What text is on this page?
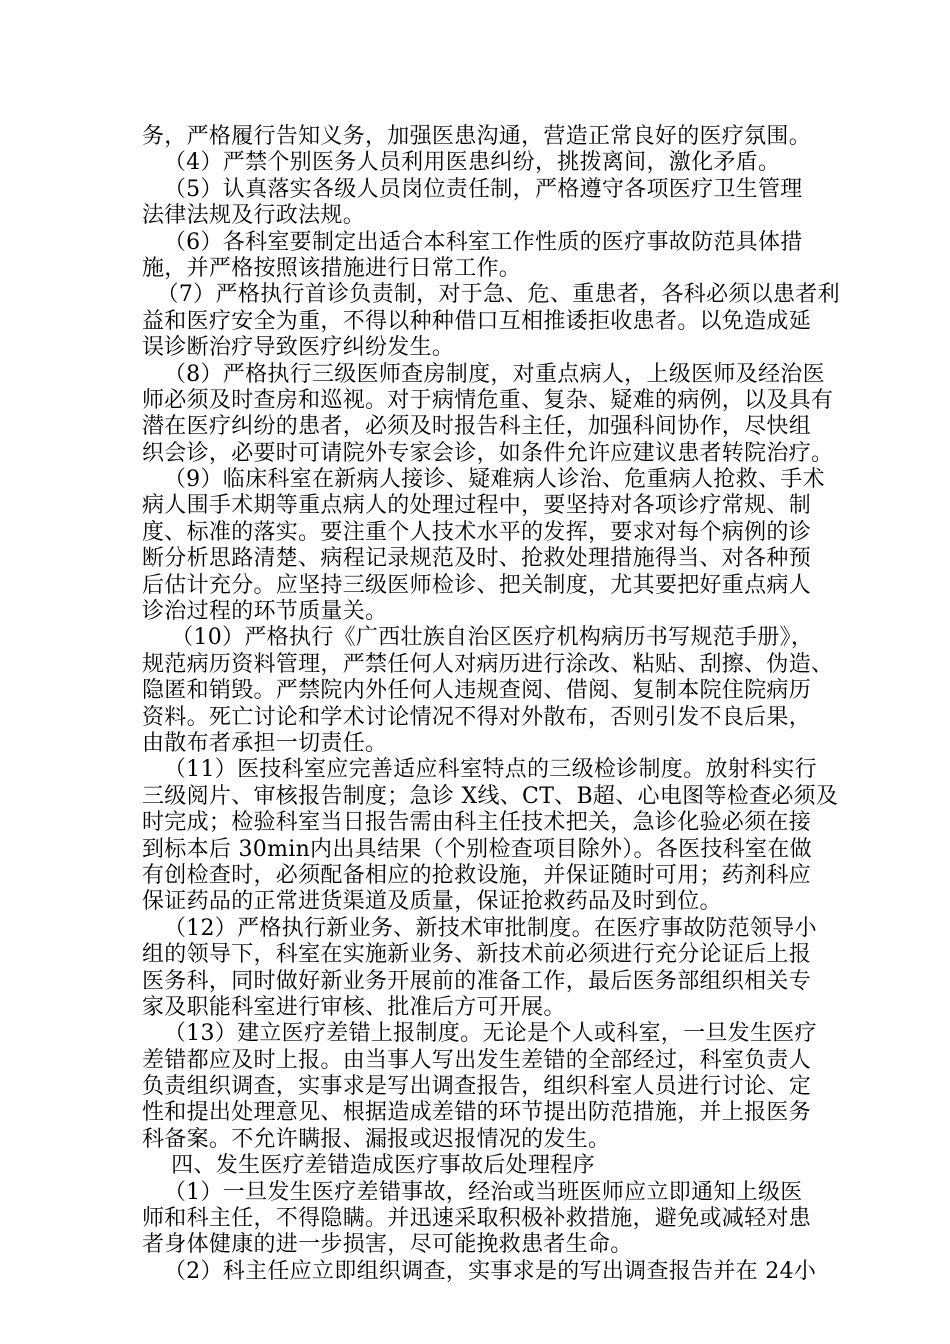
务，严格履行告知义务，加强医患沟通，营造正常良好的医疗氛围。
（4）严禁个别医务人员利用医患纠纷，挑拨离间，激化矛盾。
（5）认真落实各级人员岗位责任制，严格遵守各项医疗卫生管理
法律法规及行政法规。
（6）各科室要制定出适合本科室工作性质的医疗事故防范具体措
施，并严格按照该措施进行日常工作。
（7）严格执行首诊负责制，对于急、危、重患者，各科必须以患者利
益和医疗安全为重，不得以种种借口互相推诿拒收患者。以免造成延
误诊断治疗导致医疗纠纷发生。
（8）严格执行三级医师查房制度，对重点病人，上级医师及经治医
师必须及时查房和巡视。对于病情危重、复杂、疑难的病例，以及具有
潜在医疗纠纷的患者，必须及时报告科主任，加强科间协作，尽快组
织会诊，必要时可请院外专家会诊，如条件允许应建议患者转院治疗。
（9）临床科室在新病人接诊、疑难病人诊治、危重病人抢救、手术
病人围手术期等重点病人的处理过程中，要坚持对各项诊疗常规、制
度、标准的落实。要注重个人技术水平的发挥，要求对每个病例的诊
断分析思路清楚、病程记录规范及时、抢救处理措施得当、对各种预
后估计充分。应坚持三级医师检诊、把关制度，尤其要把好重点病人
诊治过程的环节质量关。
（10）严格执行《广西壮族自治区医疗机构病历书写规范手册》，
规范病历资料管理，严禁任何人对病历进行涂改、粘贴、刮擦、伪造、
隐匿和销毁。严禁院内外任何人违规查阅、借阅、复制本院住院病历
资料。死亡讨论和学术讨论情况不得对外散布，否则引发不良后果，
由散布者承担一切责任。
（11）医技科室应完善适应科室特点的三级检诊制度。放射科实行
三级阅片、审核报告制度；急诊 X线、CT、B超、心电图等检查必须及
时完成；检验科室当日报告需由科主任技术把关，急诊化验必须在接
到标本后 30min内出具结果（个别检查项目除外）。各医技科室在做
有创检查时，必须配备相应的抢救设施，并保证随时可用；药剂科应
保证药品的正常进货渠道及质量，保证抢救药品及时到位。
（12）严格执行新业务、新技术审批制度。在医疗事故防范领导小
组的领导下，科室在实施新业务、新技术前必须进行充分论证后上报
医务科，同时做好新业务开展前的准备工作，最后医务部组织相关专
家及职能科室进行审核、批准后方可开展。
（13）建立医疗差错上报制度。无论是个人或科室，一旦发生医疗
差错都应及时上报。由当事人写出发生差错的全部经过，科室负责人
负责组织调查，实事求是写出调查报告，组织科室人员进行讨论、定
性和提出处理意见、根据造成差错的环节提出防范措施，并上报医务
科备案。不允许瞒报、漏报或迟报情况的发生。
四、发生医疗差错造成医疗事故后处理程序
（1）一旦发生医疗差错事故，经治或当班医师应立即通知上级医
师和科主任，不得隐瞒。并迅速采取积极补救措施，避免或减轻对患
者身体健康的进一步损害，尽可能挽救患者生命。
（2）科主任应立即组织调查，实事求是的写出调查报告并在 24小
